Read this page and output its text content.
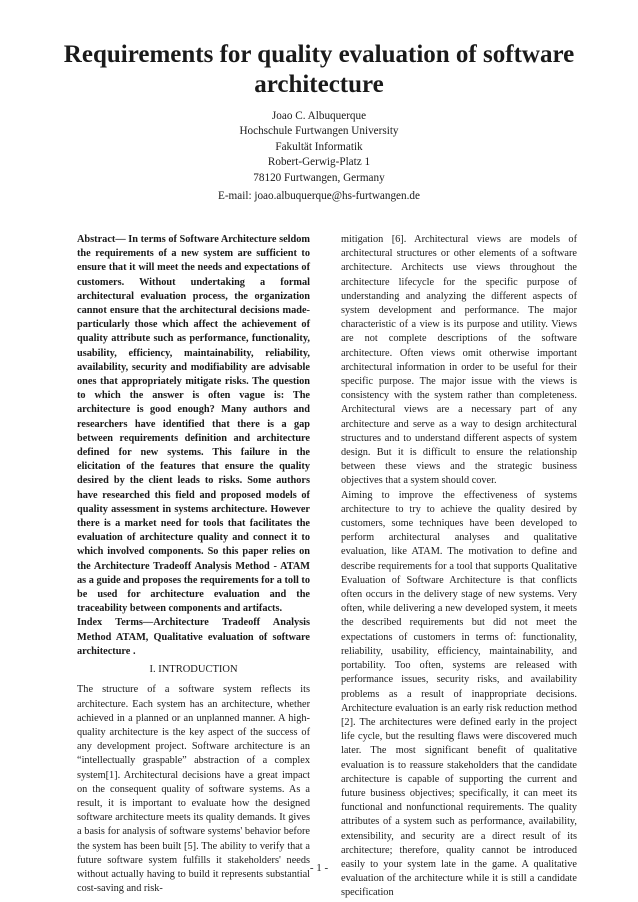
Requirements for quality evaluation of software architecture
Joao C. Albuquerque
Hochschule Furtwangen University
Fakultät Informatik
Robert-Gerwig-Platz 1
78120 Furtwangen, Germany
E-mail: joao.albuquerque@hs-furtwangen.de

Abstract— In terms of Software Architecture seldom the requirements of a new system are sufficient to ensure that it will meet the needs and expectations of customers. Without undertaking a formal architectural evaluation process, the organization cannot ensure that the architectural decisions made-particularly those which affect the achievement of quality attribute such as performance, functionality, usability, efficiency, maintainability, reliability, availability, security and modifiability are advisable ones that appropriately mitigate risks. The question to which the answer is often vague is: The architecture is good enough? Many authors and researchers have identified that there is a gap between requirements definition and architecture defined for new systems. This failure in the elicitation of the features that ensure the quality desired by the client leads to risks. Some authors have researched this field and proposed models of quality assessment in systems architecture. However there is a market need for tools that facilitates the evaluation of architecture quality and connect it to which involved components. So this paper relies on the Architecture Tradeoff Analysis Method - ATAM as a guide and proposes the requirements for a toll to be used for architecture evaluation and the traceability between components and artifacts.

Index Terms—Architecture Tradeoff Analysis Method ATAM, Qualitative evaluation of software architecture .

I. INTRODUCTION

The structure of a software system reflects its architecture. Each system has an architecture, whether achieved in a planned or an unplanned manner. A high-quality architecture is the key aspect of the success of any development project. Software architecture is an “intellectually graspable” abstraction of a complex system[1]. Architectural decisions have a great impact on the consequent quality of software systems. As a result, it is important to evaluate how the designed software architecture meets its quality demands. It gives a basis for analysis of software systems' behavior before the system has been built [5]. The ability to verify that a future software system fulfills it stakeholders' needs without actually having to build it represents substantial cost-saving and risk-

mitigation [6]. Architectural views are models of architectural structures or other elements of a software architecture. Architects use views throughout the architecture lifecycle for the specific purpose of understanding and analyzing the different aspects of system development and performance. The major characteristic of a view is its purpose and utility. Views are not complete descriptions of the software architecture. Often views omit otherwise important architectural information in order to be useful for their specific purpose. The major issue with the views is consistency with the system rather than completeness. Architectural views are a necessary part of any architecture and serve as a way to design architectural structures and to understand different aspects of system design. But it is difficult to ensure the relationship between these views and the strategic business objectives that a system should cover.

Aiming to improve the effectiveness of systems architecture to try to achieve the quality desired by customers, some techniques have been developed to perform architectural analyses and qualitative evaluation, like ATAM. The motivation to define and describe requirements for a tool that supports Qualitative Evaluation of Software Architecture is that conflicts often occurs in the delivery stage of new systems. Very often, while delivering a new developed system, it meets the described requirements but did not meet the expectations of customers in terms of: functionality, reliability, usability, efficiency, maintainability, and portability. Too often, systems are released with performance issues, security risks, and availability problems as a result of inappropriate decisions. Architecture evaluation is an early risk reduction method [2]. The architectures were defined early in the project life cycle, but the resulting flaws were discovered much later. The most significant benefit of qualitative evaluation is to reassure stakeholders that the candidate architecture is capable of supporting the current and future business objectives; specifically, it can meet its functional and nonfunctional requirements. The quality attributes of a system such as performance, availability, extensibility, and security are a direct result of its architecture; therefore, quality cannot be introduced easily to your system late in the game. A qualitative evaluation of the architecture while it is still a candidate specification

- 1 -
